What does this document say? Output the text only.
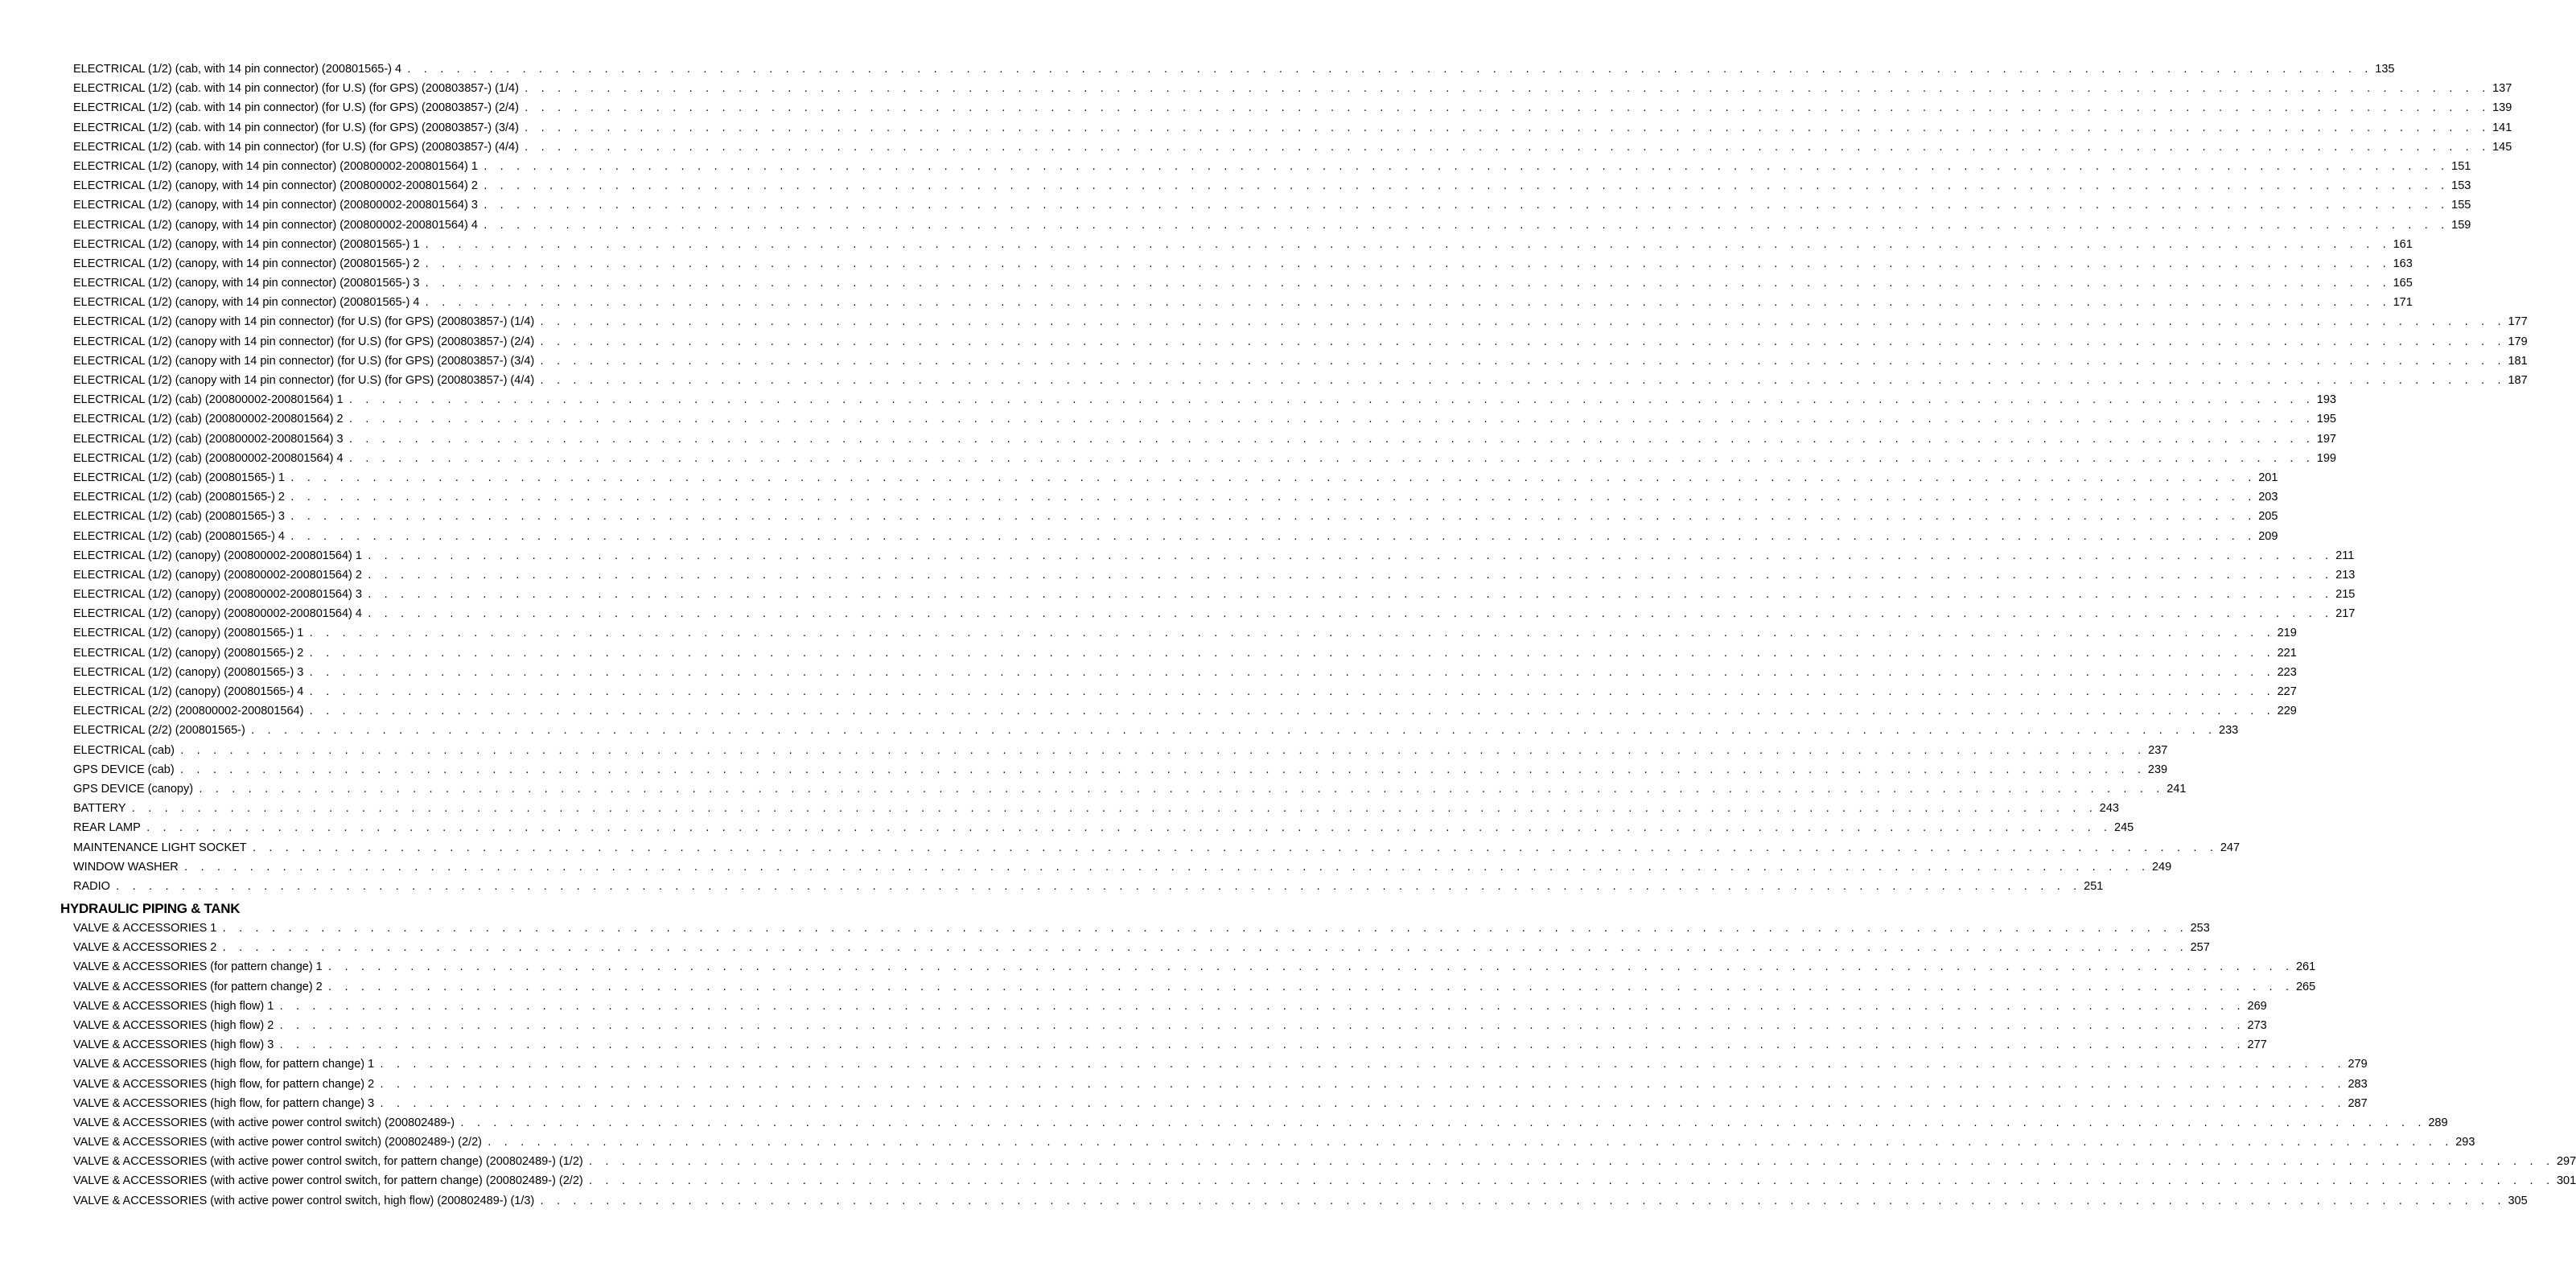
ELECTRICAL (1/2) (cab, with 14 pin connector) (200801565-) 4 . . . . . . . . . . . . . . . . . . . . . . . . . . . . . . . . . . . . . . . . . . . . . . . . . . . . . . . . . . . . . . . . . . . . . . . . . . . . . . . . . . . . . . . . . . . . . . . . . . . . . . . . . . . . . . . . . . . . . . . . 135
ELECTRICAL (1/2) (cab. with 14 pin connector) (for U.S) (for GPS) (200803857-) (1/4) . . . . . . . . . . . . . . . . . . . . . . . . . . . . . . . . . . . . . . . . . . . . . . . . . . . . . . . . . . . . . . . . . . . . . . . . . . . . . . . . . . . . . . . . . . . . . . . . . . . . . . . . . . . . . . . . . . . . . . . . 137
ELECTRICAL (1/2) (cab. with 14 pin connector) (for U.S) (for GPS) (200803857-) (2/4) . . . . . . . . . . . . . . . . . . . . . . . . . . . . . . . . . . . . . . . . . . . . . . . . . . . . . . . . . . . . . . . . . . . . . . . . . . . . . . . . . . . . . . . . . . . . . . . . . . . . . . . . . . . . . . . . . . . . . . . . 139
ELECTRICAL (1/2) (cab. with 14 pin connector) (for U.S) (for GPS) (200803857-) (3/4) . . . . . . . . . . . . . . . . . . . . . . . . . . . . . . . . . . . . . . . . . . . . . . . . . . . . . . . . . . . . . . . . . . . . . . . . . . . . . . . . . . . . . . . . . . . . . . . . . . . . . . . . . . . . . . . . . . . . . . . . 141
ELECTRICAL (1/2) (cab. with 14 pin connector) (for U.S) (for GPS) (200803857-) (4/4) . . . . . . . . . . . . . . . . . . . . . . . . . . . . . . . . . . . . . . . . . . . . . . . . . . . . . . . . . . . . . . . . . . . . . . . . . . . . . . . . . . . . . . . . . . . . . . . . . . . . . . . . . . . . . . . . . . . . . . . . 145
ELECTRICAL (1/2) (canopy, with 14 pin connector) (200800002-200801564) 1 . . . . . . . . . . . . . . . . . . . . . . . . . . . . . . . . . . . . . . . . . . . . . . . . . . . . . . . . . . . . . . . . . . . . . . . . . . . . . . . . . . . . . . . . . . . . . . . . . . . . . . . . . . . . . . . . . . . . . . . . 151
ELECTRICAL (1/2) (canopy, with 14 pin connector) (200800002-200801564) 2 . . . . . . . . . . . . . . . . . . . . . . . . . . . . . . . . . . . . . . . . . . . . . . . . . . . . . . . . . . . . . . . . . . . . . . . . . . . . . . . . . . . . . . . . . . . . . . . . . . . . . . . . . . . . . . . . . . . . . . . . 153
ELECTRICAL (1/2) (canopy, with 14 pin connector) (200800002-200801564) 3 . . . . . . . . . . . . . . . . . . . . . . . . . . . . . . . . . . . . . . . . . . . . . . . . . . . . . . . . . . . . . . . . . . . . . . . . . . . . . . . . . . . . . . . . . . . . . . . . . . . . . . . . . . . . . . . . . . . . . . . . 155
ELECTRICAL (1/2) (canopy, with 14 pin connector) (200800002-200801564) 4 . . . . . . . . . . . . . . . . . . . . . . . . . . . . . . . . . . . . . . . . . . . . . . . . . . . . . . . . . . . . . . . . . . . . . . . . . . . . . . . . . . . . . . . . . . . . . . . . . . . . . . . . . . . . . . . . . . . . . . . . 159
ELECTRICAL (1/2) (canopy, with 14 pin connector) (200801565-) 1 . . . . . . . . . . . . . . . . . . . . . . . . . . . . . . . . . . . . . . . . . . . . . . . . . . . . . . . . . . . . . . . . . . . . . . . . . . . . . . . . . . . . . . . . . . . . . . . . . . . . . . . . . . . . . . . . . . . . . . . . 161
ELECTRICAL (1/2) (canopy, with 14 pin connector) (200801565-) 2 . . . . . . . . . . . . . . . . . . . . . . . . . . . . . . . . . . . . . . . . . . . . . . . . . . . . . . . . . . . . . . . . . . . . . . . . . . . . . . . . . . . . . . . . . . . . . . . . . . . . . . . . . . . . . . . . . . . . . . . . 163
ELECTRICAL (1/2) (canopy, with 14 pin connector) (200801565-) 3 . . . . . . . . . . . . . . . . . . . . . . . . . . . . . . . . . . . . . . . . . . . . . . . . . . . . . . . . . . . . . . . . . . . . . . . . . . . . . . . . . . . . . . . . . . . . . . . . . . . . . . . . . . . . . . . . . . . . . . . . 165
ELECTRICAL (1/2) (canopy, with 14 pin connector) (200801565-) 4 . . . . . . . . . . . . . . . . . . . . . . . . . . . . . . . . . . . . . . . . . . . . . . . . . . . . . . . . . . . . . . . . . . . . . . . . . . . . . . . . . . . . . . . . . . . . . . . . . . . . . . . . . . . . . . . . . . . . . . . . 171
ELECTRICAL (1/2) (canopy with 14 pin connector) (for U.S) (for GPS) (200803857-) (1/4) . . . . . . . . . . . . . . . . . . . . . . . . . . . . . . . . . . . . . . . . . . . . . . . . . . . . . . . . . . . . . . . . . . . . . . . . . . . . . . . . . . . . . . . . . . . . . . . . . . . . . . . . . . . . . . . . . . . . . . . . 177
ELECTRICAL (1/2) (canopy with 14 pin connector) (for U.S) (for GPS) (200803857-) (2/4) . . . . . . . . . . . . . . . . . . . . . . . . . . . . . . . . . . . . . . . . . . . . . . . . . . . . . . . . . . . . . . . . . . . . . . . . . . . . . . . . . . . . . . . . . . . . . . . . . . . . . . . . . . . . . . . . . . . . . . . . 179
ELECTRICAL (1/2) (canopy with 14 pin connector) (for U.S) (for GPS) (200803857-) (3/4) . . . . . . . . . . . . . . . . . . . . . . . . . . . . . . . . . . . . . . . . . . . . . . . . . . . . . . . . . . . . . . . . . . . . . . . . . . . . . . . . . . . . . . . . . . . . . . . . . . . . . . . . . . . . . . . . . . . . . . . . 181
ELECTRICAL (1/2) (canopy with 14 pin connector) (for U.S) (for GPS) (200803857-) (4/4) . . . . . . . . . . . . . . . . . . . . . . . . . . . . . . . . . . . . . . . . . . . . . . . . . . . . . . . . . . . . . . . . . . . . . . . . . . . . . . . . . . . . . . . . . . . . . . . . . . . . . . . . . . . . . . . . . . . . . . . . 187
ELECTRICAL (1/2) (cab) (200800002-200801564) 1 . . . . . . . . . . . . . . . . . . . . . . . . . . . . . . . . . . . . . . . . . . . . . . . . . . . . . . . . . . . . . . . . . . . . . . . . . . . . . . . . . . . . . . . . . . . . . . . . . . . . . . . . . . . . . . . . . . . . . . . . 193
ELECTRICAL (1/2) (cab) (200800002-200801564) 2 . . . . . . . . . . . . . . . . . . . . . . . . . . . . . . . . . . . . . . . . . . . . . . . . . . . . . . . . . . . . . . . . . . . . . . . . . . . . . . . . . . . . . . . . . . . . . . . . . . . . . . . . . . . . . . . . . . . . . . . . 195
ELECTRICAL (1/2) (cab) (200800002-200801564) 3 . . . . . . . . . . . . . . . . . . . . . . . . . . . . . . . . . . . . . . . . . . . . . . . . . . . . . . . . . . . . . . . . . . . . . . . . . . . . . . . . . . . . . . . . . . . . . . . . . . . . . . . . . . . . . . . . . . . . . . . . 197
ELECTRICAL (1/2) (cab) (200800002-200801564) 4 . . . . . . . . . . . . . . . . . . . . . . . . . . . . . . . . . . . . . . . . . . . . . . . . . . . . . . . . . . . . . . . . . . . . . . . . . . . . . . . . . . . . . . . . . . . . . . . . . . . . . . . . . . . . . . . . . . . . . . . . 199
ELECTRICAL (1/2) (cab) (200801565-) 1 . . . . . . . . . . . . . . . . . . . . . . . . . . . . . . . . . . . . . . . . . . . . . . . . . . . . . . . . . . . . . . . . . . . . . . . . . . . . . . . . . . . . . . . . . . . . . . . . . . . . . . . . . . . . . . . . . . . . . . . . 201
ELECTRICAL (1/2) (cab) (200801565-) 2 . . . . . . . . . . . . . . . . . . . . . . . . . . . . . . . . . . . . . . . . . . . . . . . . . . . . . . . . . . . . . . . . . . . . . . . . . . . . . . . . . . . . . . . . . . . . . . . . . . . . . . . . . . . . . . . . . . . . . . . . 203
ELECTRICAL (1/2) (cab) (200801565-) 3 . . . . . . . . . . . . . . . . . . . . . . . . . . . . . . . . . . . . . . . . . . . . . . . . . . . . . . . . . . . . . . . . . . . . . . . . . . . . . . . . . . . . . . . . . . . . . . . . . . . . . . . . . . . . . . . . . . . . . . . . 205
ELECTRICAL (1/2) (cab) (200801565-) 4 . . . . . . . . . . . . . . . . . . . . . . . . . . . . . . . . . . . . . . . . . . . . . . . . . . . . . . . . . . . . . . . . . . . . . . . . . . . . . . . . . . . . . . . . . . . . . . . . . . . . . . . . . . . . . . . . . . . . . . . . 209
ELECTRICAL (1/2) (canopy) (200800002-200801564) 1 . . . . . . . . . . . . . . . . . . . . . . . . . . . . . . . . . . . . . . . . . . . . . . . . . . . . . . . . . . . . . . . . . . . . . . . . . . . . . . . . . . . . . . . . . . . . . . . . . . . . . . . . . . . . . . . . . . . . . . . . 211
ELECTRICAL (1/2) (canopy) (200800002-200801564) 2 . . . . . . . . . . . . . . . . . . . . . . . . . . . . . . . . . . . . . . . . . . . . . . . . . . . . . . . . . . . . . . . . . . . . . . . . . . . . . . . . . . . . . . . . . . . . . . . . . . . . . . . . . . . . . . . . . . . . . . . . 213
ELECTRICAL (1/2) (canopy) (200800002-200801564) 3 . . . . . . . . . . . . . . . . . . . . . . . . . . . . . . . . . . . . . . . . . . . . . . . . . . . . . . . . . . . . . . . . . . . . . . . . . . . . . . . . . . . . . . . . . . . . . . . . . . . . . . . . . . . . . . . . . . . . . . . . 215
ELECTRICAL (1/2) (canopy) (200800002-200801564) 4 . . . . . . . . . . . . . . . . . . . . . . . . . . . . . . . . . . . . . . . . . . . . . . . . . . . . . . . . . . . . . . . . . . . . . . . . . . . . . . . . . . . . . . . . . . . . . . . . . . . . . . . . . . . . . . . . . . . . . . . . 217
ELECTRICAL (1/2) (canopy) (200801565-) 1 . . . . . . . . . . . . . . . . . . . . . . . . . . . . . . . . . . . . . . . . . . . . . . . . . . . . . . . . . . . . . . . . . . . . . . . . . . . . . . . . . . . . . . . . . . . . . . . . . . . . . . . . . . . . . . . . . . . . . . . . 219
ELECTRICAL (1/2) (canopy) (200801565-) 2 . . . . . . . . . . . . . . . . . . . . . . . . . . . . . . . . . . . . . . . . . . . . . . . . . . . . . . . . . . . . . . . . . . . . . . . . . . . . . . . . . . . . . . . . . . . . . . . . . . . . . . . . . . . . . . . . . . . . . . . . 221
ELECTRICAL (1/2) (canopy) (200801565-) 3 . . . . . . . . . . . . . . . . . . . . . . . . . . . . . . . . . . . . . . . . . . . . . . . . . . . . . . . . . . . . . . . . . . . . . . . . . . . . . . . . . . . . . . . . . . . . . . . . . . . . . . . . . . . . . . . . . . . . . . . . 223
ELECTRICAL (1/2) (canopy) (200801565-) 4 . . . . . . . . . . . . . . . . . . . . . . . . . . . . . . . . . . . . . . . . . . . . . . . . . . . . . . . . . . . . . . . . . . . . . . . . . . . . . . . . . . . . . . . . . . . . . . . . . . . . . . . . . . . . . . . . . . . . . . . . 227
ELECTRICAL (2/2) (200800002-200801564) . . . . . . . . . . . . . . . . . . . . . . . . . . . . . . . . . . . . . . . . . . . . . . . . . . . . . . . . . . . . . . . . . . . . . . . . . . . . . . . . . . . . . . . . . . . . . . . . . . . . . . . . . . . . . . . . . . . . . . . . 229
ELECTRICAL (2/2) (200801565-) . . . . . . . . . . . . . . . . . . . . . . . . . . . . . . . . . . . . . . . . . . . . . . . . . . . . . . . . . . . . . . . . . . . . . . . . . . . . . . . . . . . . . . . . . . . . . . . . . . . . . . . . . . . . . . . . . . . . . . . . 233
ELECTRICAL (cab) . . . . . . . . . . . . . . . . . . . . . . . . . . . . . . . . . . . . . . . . . . . . . . . . . . . . . . . . . . . . . . . . . . . . . . . . . . . . . . . . . . . . . . . . . . . . . . . . . . . . . . . . . . . . . . . . . . . . . . . . 237
GPS DEVICE (cab) . . . . . . . . . . . . . . . . . . . . . . . . . . . . . . . . . . . . . . . . . . . . . . . . . . . . . . . . . . . . . . . . . . . . . . . . . . . . . . . . . . . . . . . . . . . . . . . . . . . . . . . . . . . . . . . . . . . . . . . . 239
GPS DEVICE (canopy) . . . . . . . . . . . . . . . . . . . . . . . . . . . . . . . . . . . . . . . . . . . . . . . . . . . . . . . . . . . . . . . . . . . . . . . . . . . . . . . . . . . . . . . . . . . . . . . . . . . . . . . . . . . . . . . . . . . . . . . . 241
BATTERY . . . . . . . . . . . . . . . . . . . . . . . . . . . . . . . . . . . . . . . . . . . . . . . . . . . . . . . . . . . . . . . . . . . . . . . . . . . . . . . . . . . . . . . . . . . . . . . . . . . . . . . . . . . . . . . . . . . . . . . . 243
REAR LAMP . . . . . . . . . . . . . . . . . . . . . . . . . . . . . . . . . . . . . . . . . . . . . . . . . . . . . . . . . . . . . . . . . . . . . . . . . . . . . . . . . . . . . . . . . . . . . . . . . . . . . . . . . . . . . . . . . . . . . . . . 245
MAINTENANCE LIGHT SOCKET . . . . . . . . . . . . . . . . . . . . . . . . . . . . . . . . . . . . . . . . . . . . . . . . . . . . . . . . . . . . . . . . . . . . . . . . . . . . . . . . . . . . . . . . . . . . . . . . . . . . . . . . . . . . . . . . . . . . . . . . 247
WINDOW WASHER . . . . . . . . . . . . . . . . . . . . . . . . . . . . . . . . . . . . . . . . . . . . . . . . . . . . . . . . . . . . . . . . . . . . . . . . . . . . . . . . . . . . . . . . . . . . . . . . . . . . . . . . . . . . . . . . . . . . . . . . 249
RADIO . . . . . . . . . . . . . . . . . . . . . . . . . . . . . . . . . . . . . . . . . . . . . . . . . . . . . . . . . . . . . . . . . . . . . . . . . . . . . . . . . . . . . . . . . . . . . . . . . . . . . . . . . . . . . . . . . . . . . . . . 251
HYDRAULIC PIPING & TANK
VALVE & ACCESSORIES 1 . . . . . . . . . . . . . . . . . . . . . . . . . . . . . . . . . . . . . . . . . . . . . . . . . . . . . . . . . . . . . . . . . . . . . . . . . . . . . . . . . . . . . . . . . . . . . . . . . . . . . . . . . . . . . . . . . . . . . . . . 253
VALVE & ACCESSORIES 2 . . . . . . . . . . . . . . . . . . . . . . . . . . . . . . . . . . . . . . . . . . . . . . . . . . . . . . . . . . . . . . . . . . . . . . . . . . . . . . . . . . . . . . . . . . . . . . . . . . . . . . . . . . . . . . . . . . . . . . . . 257
VALVE & ACCESSORIES (for pattern change) 1 . . . . . . . . . . . . . . . . . . . . . . . . . . . . . . . . . . . . . . . . . . . . . . . . . . . . . . . . . . . . . . . . . . . . . . . . . . . . . . . . . . . . . . . . . . . . . . . . . . . . . . . . . . . . . . . . . . . . . . . . 261
VALVE & ACCESSORIES (for pattern change) 2 . . . . . . . . . . . . . . . . . . . . . . . . . . . . . . . . . . . . . . . . . . . . . . . . . . . . . . . . . . . . . . . . . . . . . . . . . . . . . . . . . . . . . . . . . . . . . . . . . . . . . . . . . . . . . . . . . . . . . . . . 265
VALVE & ACCESSORIES (high flow) 1 . . . . . . . . . . . . . . . . . . . . . . . . . . . . . . . . . . . . . . . . . . . . . . . . . . . . . . . . . . . . . . . . . . . . . . . . . . . . . . . . . . . . . . . . . . . . . . . . . . . . . . . . . . . . . . . . . . . . . . . . 269
VALVE & ACCESSORIES (high flow) 2 . . . . . . . . . . . . . . . . . . . . . . . . . . . . . . . . . . . . . . . . . . . . . . . . . . . . . . . . . . . . . . . . . . . . . . . . . . . . . . . . . . . . . . . . . . . . . . . . . . . . . . . . . . . . . . . . . . . . . . . . 273
VALVE & ACCESSORIES (high flow) 3 . . . . . . . . . . . . . . . . . . . . . . . . . . . . . . . . . . . . . . . . . . . . . . . . . . . . . . . . . . . . . . . . . . . . . . . . . . . . . . . . . . . . . . . . . . . . . . . . . . . . . . . . . . . . . . . . . . . . . . . . 277
VALVE & ACCESSORIES (high flow, for pattern change) 1 . . . . . . . . . . . . . . . . . . . . . . . . . . . . . . . . . . . . . . . . . . . . . . . . . . . . . . . . . . . . . . . . . . . . . . . . . . . . . . . . . . . . . . . . . . . . . . . . . . . . . . . . . . . . . . . . . . . . . . . . 279
VALVE & ACCESSORIES (high flow, for pattern change) 2 . . . . . . . . . . . . . . . . . . . . . . . . . . . . . . . . . . . . . . . . . . . . . . . . . . . . . . . . . . . . . . . . . . . . . . . . . . . . . . . . . . . . . . . . . . . . . . . . . . . . . . . . . . . . . . . . . . . . . . . . 283
VALVE & ACCESSORIES (high flow, for pattern change) 3 . . . . . . . . . . . . . . . . . . . . . . . . . . . . . . . . . . . . . . . . . . . . . . . . . . . . . . . . . . . . . . . . . . . . . . . . . . . . . . . . . . . . . . . . . . . . . . . . . . . . . . . . . . . . . . . . . . . . . . . . 287
VALVE & ACCESSORIES (with active power control switch) (200802489-) . . . . . . . . . . . . . . . . . . . . . . . . . . . . . . . . . . . . . . . . . . . . . . . . . . . . . . . . . . . . . . . . . . . . . . . . . . . . . . . . . . . . . . . . . . . . . . . . . . . . . . . . . . . . . . . . . . . . . . . . 289
VALVE & ACCESSORIES (with active power control switch) (200802489-) (2/2) . . . . . . . . . . . . . . . . . . . . . . . . . . . . . . . . . . . . . . . . . . . . . . . . . . . . . . . . . . . . . . . . . . . . . . . . . . . . . . . . . . . . . . . . . . . . . . . . . . . . . . . . . . . . . . . . . . . . . . . . 293
VALVE & ACCESSORIES (with active power control switch, for pattern change) (200802489-) (1/2) . . . . . . . . . . . . . . . . . . . . . . . . . . . . . . . . . . . . . . . . . . . . . . . . . . . . . . . . . . . . . . . . . . . . . . . . . . . . . . . . . . . . . . . . . . . . . . . . . . . . . . . . . . . . . . . . . . . . . . . . 297
VALVE & ACCESSORIES (with active power control switch, for pattern change) (200802489-) (2/2) . . . . . . . . . . . . . . . . . . . . . . . . . . . . . . . . . . . . . . . . . . . . . . . . . . . . . . . . . . . . . . . . . . . . . . . . . . . . . . . . . . . . . . . . . . . . . . . . . . . . . . . . . . . . . . . . . . . . . . . . 301
VALVE & ACCESSORIES (with active power control switch, high flow) (200802489-) (1/3) . . . . . . . . . . . . . . . . . . . . . . . . . . . . . . . . . . . . . . . . . . . . . . . . . . . . . . . . . . . . . . . . . . . . . . . . . . . . . . . . . . . . . . . . . . . . . . . . . . . . . . . . . . . . . . . . . . . . . . . . 305
